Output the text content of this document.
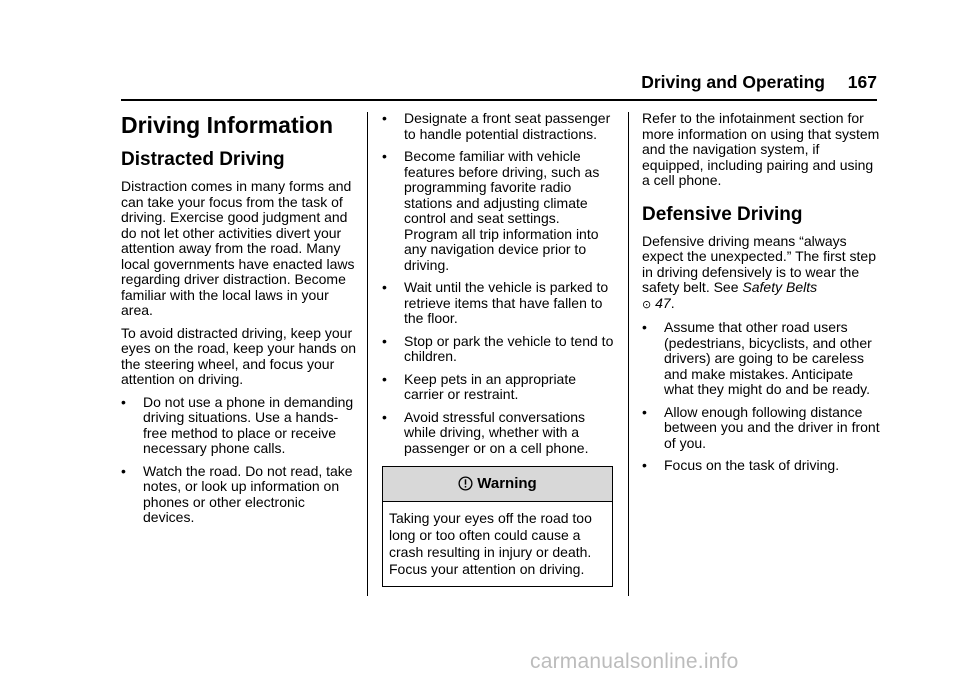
Driving and Operating 167
Driving Information
Distracted Driving

Distraction comes in many forms and can take your focus from the task of driving. Exercise good judgment and do not let other activities divert your attention away from the road. Many local governments have enacted laws regarding driver distraction. Become familiar with the local laws in your area.

To avoid distracted driving, keep your eyes on the road, keep your hands on the steering wheel, and focus your attention on driving.

• Do not use a phone in demanding driving situations. Use a hands-free method to place or receive necessary phone calls.
• Watch the road. Do not read, take notes, or look up information on phones or other electronic devices.
• Designate a front seat passenger to handle potential distractions.
• Become familiar with vehicle features before driving, such as programming favorite radio stations and adjusting climate control and seat settings. Program all trip information into any navigation device prior to driving.
• Wait until the vehicle is parked to retrieve items that have fallen to the floor.
• Stop or park the vehicle to tend to children.
• Keep pets in an appropriate carrier or restraint.
• Avoid stressful conversations while driving, whether with a passenger or on a cell phone.
Warning
Taking your eyes off the road too long or too often could cause a crash resulting in injury or death. Focus your attention on driving.

Refer to the infotainment section for more information on using that system and the navigation system, if equipped, including pairing and using a cell phone.

Defensive Driving

Defensive driving means “always expect the unexpected.” The first step in driving defensively is to wear the safety belt. See Safety Belts
⊙ 47.

• Assume that other road users (pedestrians, bicyclists, and other drivers) are going to be careless and make mistakes. Anticipate what they might do and be ready.
• Allow enough following distance between you and the driver in front of you.
• Focus on the task of driving.
carmanualsonline.info
